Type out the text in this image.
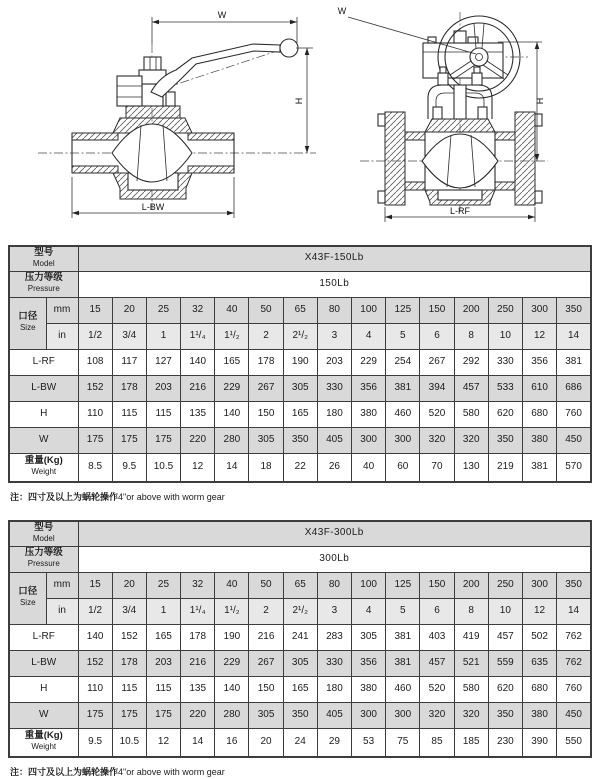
W
H
L-BW
W
H
L-RF
型号
Model		X43F-150Lb														
压力等级
Pressure		150Lb														
口径
Size	mm	15	20	25	32	40	50	65	80	100	125	150	200	250	300	350
	in	1/2	3/4	1	1¹/₄	1¹/₂	2	2¹/₂	3	4	5	6	8	10	12	14
L-RF		108	117	127	140	165	178	190	203	229	254	267	292	330	356	381
L-BW		152	178	203	216	229	267	305	330	356	381	394	457	533	610	686
H		110	115	115	135	140	150	165	180	380	460	520	580	620	680	760
W		175	175	175	220	280	305	350	405	300	300	320	320	350	380	450
重量(Kg)
Weight		8.5	9.5	10.5	12	14	18	22	26	40	60	70	130	219	381	570
注：四寸及以上为蜗轮操作4"or above with worm gear
型号
Model		X43F-300Lb														
压力等级
Pressure		300Lb														
口径
Size	mm	15	20	25	32	40	50	65	80	100	125	150	200	250	300	350
	in	1/2	3/4	1	1¹/₄	1¹/₂	2	2¹/₂	3	4	5	6	8	10	12	14
L-RF		140	152	165	178	190	216	241	283	305	381	403	419	457	502	762
L-BW		152	178	203	216	229	267	305	330	356	381	457	521	559	635	762
H		110	115	115	135	140	150	165	180	380	460	520	580	620	680	760
W		175	175	175	220	280	305	350	405	300	300	320	320	350	380	450
重量(Kg)
Weight		9.5	10.5	12	14	16	20	24	29	53	75	85	185	230	390	550
注：四寸及以上为蜗轮操作4"or above with worm gear
